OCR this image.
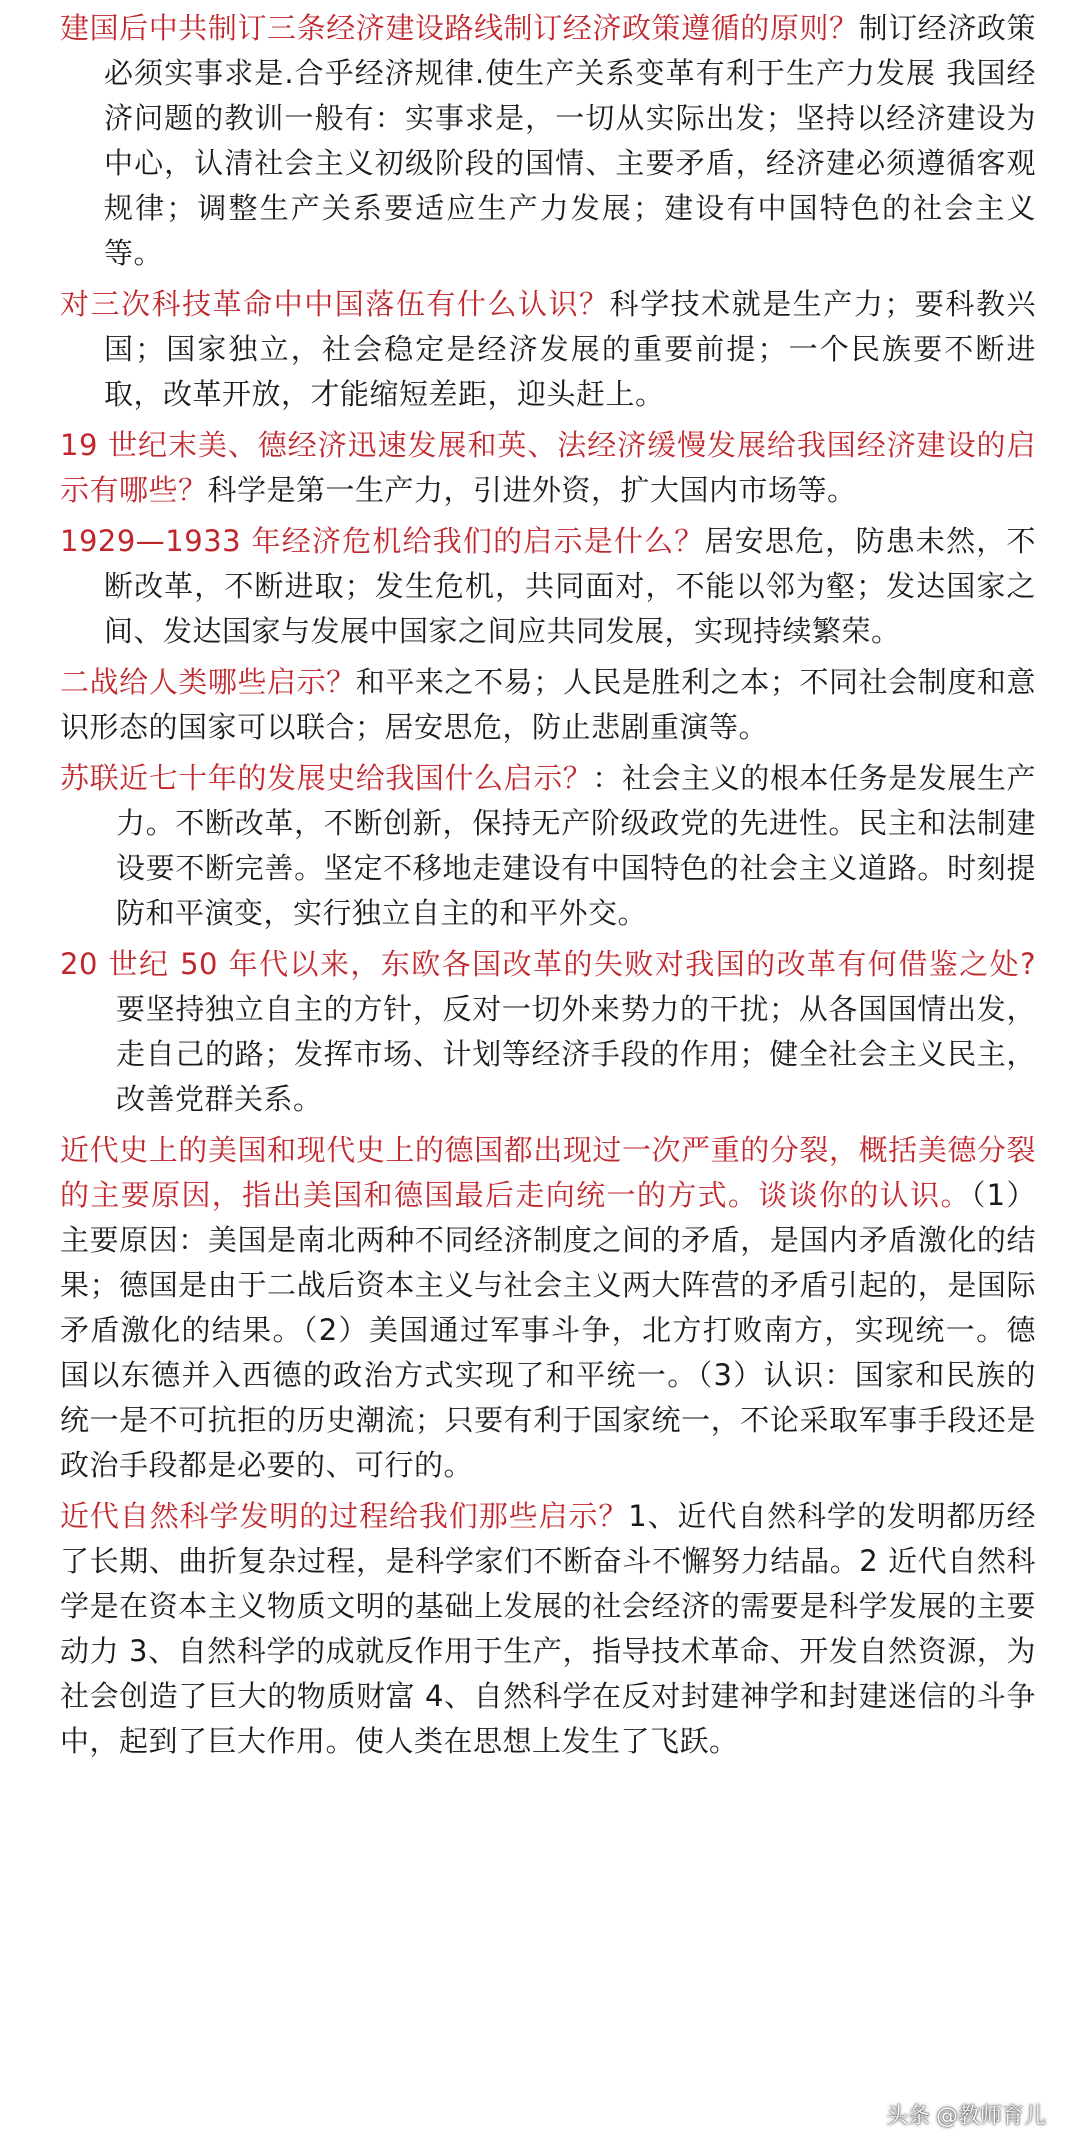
建国后中共制订三条经济建设路线制订经济政策遵循的原则？制订经济政策必须实事求是.合乎经济规律.使生产关系变革有利于生产力发展 我国经济问题的教训一般有：实事求是，一切从实际出发；坚持以经济建设为中心，认清社会主义初级阶段的国情、主要矛盾，经济建必须遵循客观规律；调整生产关系要适应生产力发展；建设有中国特色的社会主义等。

对三次科技革命中中国落伍有什么认识？科学技术就是生产力；要科教兴国；国家独立，社会稳定是经济发展的重要前提；一个民族要不断进取，改革开放，才能缩短差距，迎头赶上。

19 世纪末美、德经济迅速发展和英、法经济缓慢发展给我国经济建设的启示有哪些？科学是第一生产力，引进外资，扩大国内市场等。

1929—1933 年经济危机给我们的启示是什么？居安思危，防患未然，不断改革，不断进取；发生危机，共同面对，不能以邻为壑；发达国家之间、发达国家与发展中国家之间应共同发展，实现持续繁荣。

二战给人类哪些启示？和平来之不易；人民是胜利之本；不同社会制度和意识形态的国家可以联合；居安思危，防止悲剧重演等。

苏联近七十年的发展史给我国什么启示？：社会主义的根本任务是发展生产力。不断改革，不断创新，保持无产阶级政党的先进性。民主和法制建设要不断完善。坚定不移地走建设有中国特色的社会主义道路。时刻提防和平演变，实行独立自主的和平外交。

20 世纪 50 年代以来，东欧各国改革的失败对我国的改革有何借鉴之处?要坚持独立自主的方针，反对一切外来势力的干扰；从各国国情出发，走自己的路；发挥市场、计划等经济手段的作用；健全社会主义民主，改善党群关系。

近代史上的美国和现代史上的德国都出现过一次严重的分裂，概括美德分裂的主要原因，指出美国和德国最后走向统一的方式。谈谈你的认识。（1）主要原因：美国是南北两种不同经济制度之间的矛盾，是国内矛盾激化的结果；德国是由于二战后资本主义与社会主义两大阵营的矛盾引起的，是国际矛盾激化的结果。（2）美国通过军事斗争，北方打败南方，实现统一。德国以东德并入西德的政治方式实现了和平统一。（3）认识：国家和民族的统一是不可抗拒的历史潮流；只要有利于国家统一，不论采取军事手段还是政治手段都是必要的、可行的。

近代自然科学发明的过程给我们那些启示？1、近代自然科学的发明都历经了长期、曲折复杂过程，是科学家们不断奋斗不懈努力结晶。2 近代自然科学是在资本主义物质文明的基础上发展的社会经济的需要是科学发展的主要动力 3、自然科学的成就反作用于生产，指导技术革命、开发自然资源，为社会创造了巨大的物质财富 4、自然科学在反对封建神学和封建迷信的斗争中，起到了巨大作用。使人类在思想上发生了飞跃。

头条 @教师育儿
